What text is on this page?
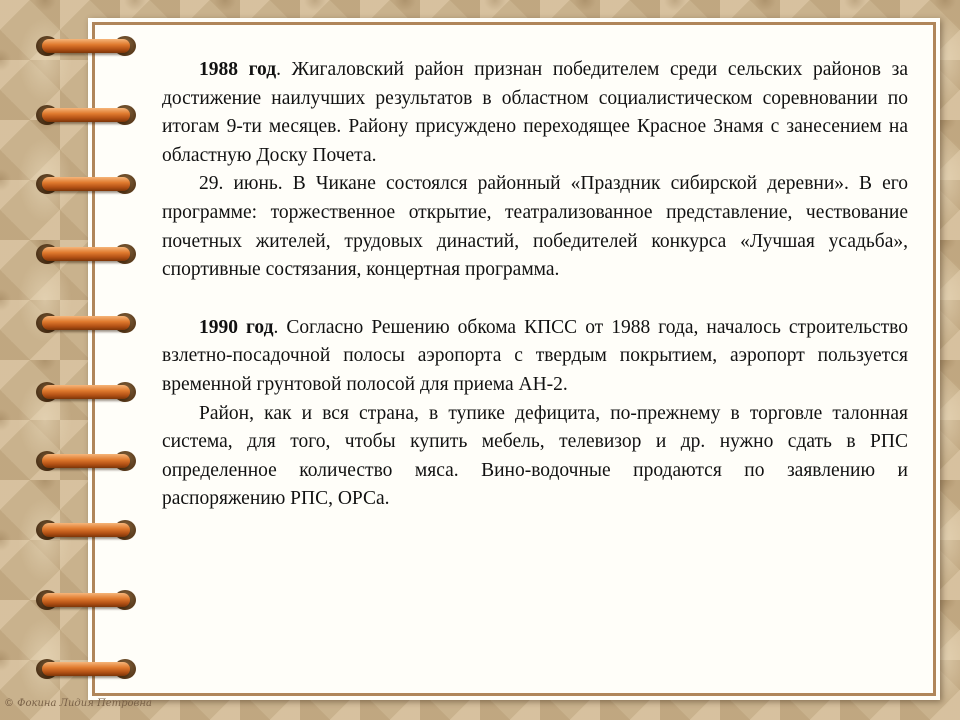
1988 год. Жигаловский район признан победителем среди сельских районов за достижение наилучших результатов в областном социалистическом соревновании по итогам 9-ти месяцев. Району присуждено переходящее Красное Знамя с занесением на областную Доску Почета.

29. июнь. В Чикане состоялся районный «Праздник сибирской деревни». В его программе: торжественное открытие, театрализованное представление, чествование почетных жителей, трудовых династий, победителей конкурса «Лучшая усадьба», спортивные состязания, концертная программа.

1990 год. Согласно Решению обкома КПСС от 1988 года, началось строительство взлетно-посадочной полосы аэропорта с твердым покрытием, аэропорт пользуется временной грунтовой полосой для приема АН-2.

Район, как и вся страна, в тупике дефицита, по-прежнему в торговле талонная система, для того, чтобы купить мебель, телевизор и др. нужно сдать в РПС определенное количество мяса. Вино-водочные продаются по заявлению и распоряжению РПС, ОРСа.

© Фокина Лидия Петровна
